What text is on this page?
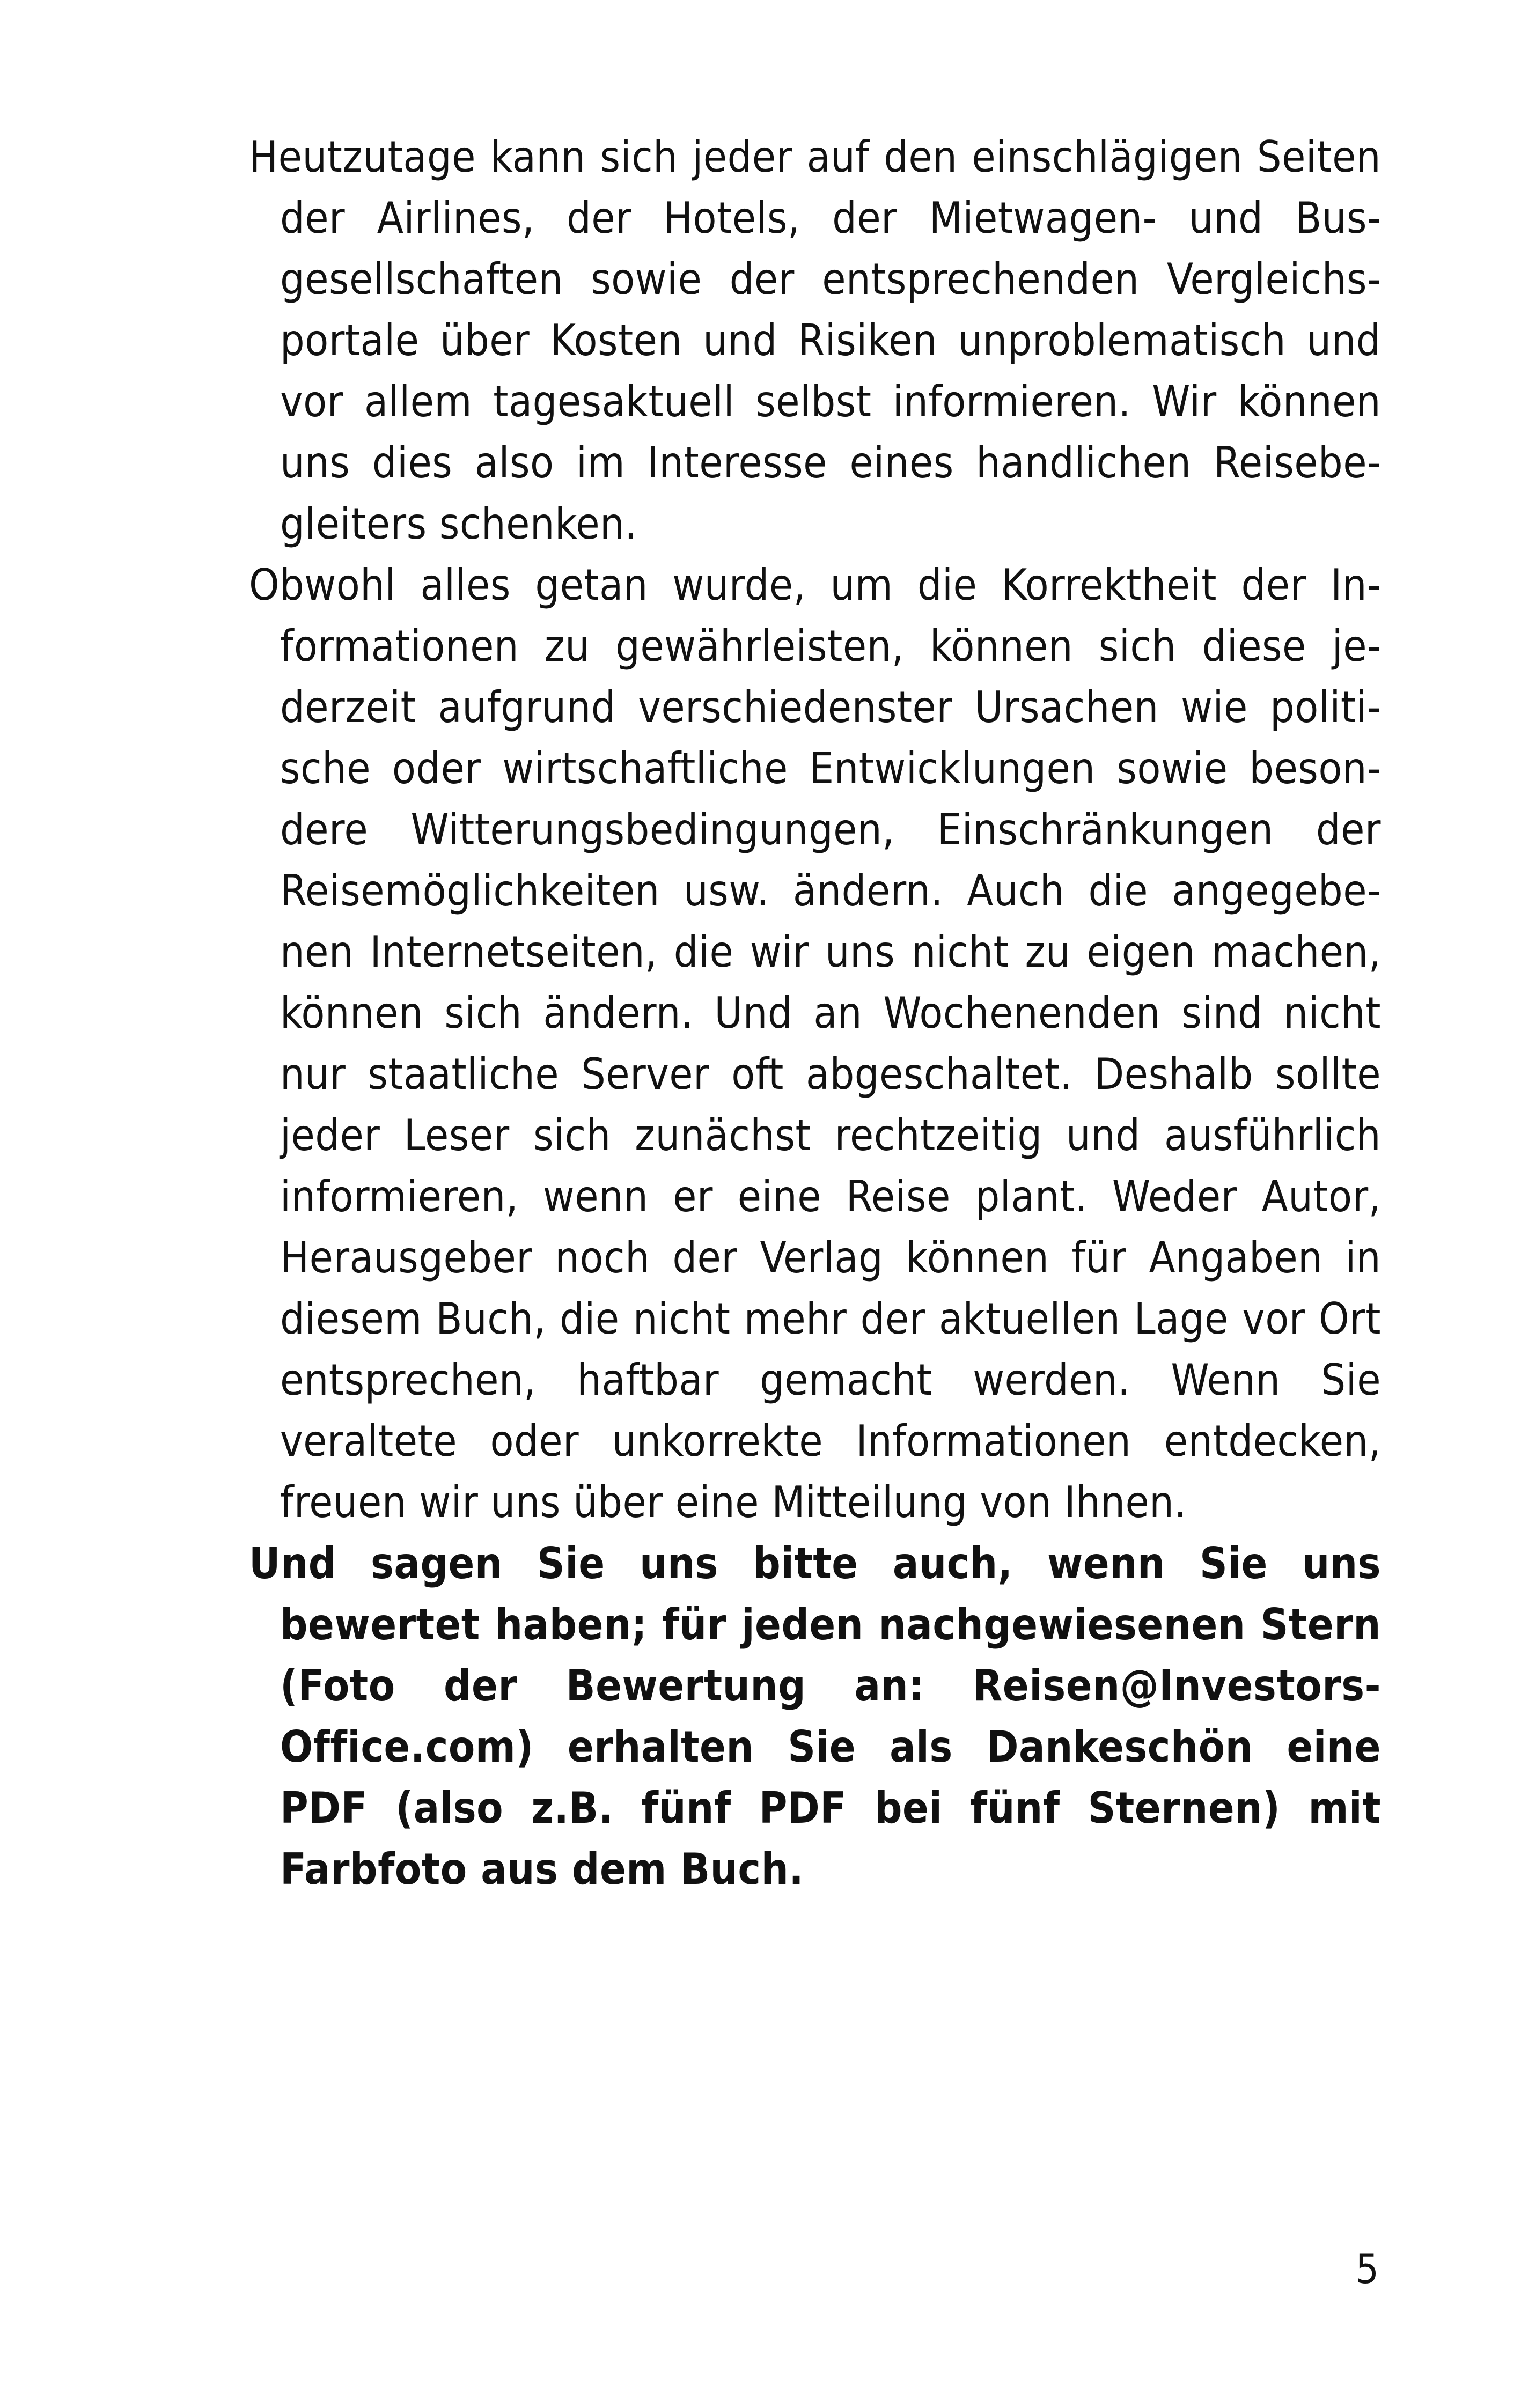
Heutzutage kann sich jeder auf den einschlägigen Seiten der Airlines, der Hotels, der Mietwagen- und Busgesellschaften sowie der entsprechenden Vergleichsportale über Kosten und Risiken unproblematisch und vor allem tagesaktuell selbst informieren. Wir können uns dies also im Interesse eines handlichen Reisebegleiters schenken.

Obwohl alles getan wurde, um die Korrektheit der Informationen zu gewährleisten, können sich diese jederzeit aufgrund verschiedenster Ursachen wie politische oder wirtschaftliche Entwicklungen sowie besondere Witterungsbedingungen, Einschränkungen der Reisemöglichkeiten usw. ändern. Auch die angegebenen Internetseiten, die wir uns nicht zu eigen machen, können sich ändern. Und an Wochenenden sind nicht nur staatliche Server oft abgeschaltet. Deshalb sollte jeder Leser sich zunächst rechtzeitig und ausführlich informieren, wenn er eine Reise plant. Weder Autor, Herausgeber noch der Verlag können für Angaben in diesem Buch, die nicht mehr der aktuellen Lage vor Ort entsprechen, haftbar gemacht werden. Wenn Sie veraltete oder unkorrekte Informationen entdecken, freuen wir uns über eine Mitteilung von Ihnen.

Und sagen Sie uns bitte auch, wenn Sie uns bewertet haben; für jeden nachgewiesenen Stern (Foto der Bewertung an: Reisen@Investors-Office.com) erhalten Sie als Dankeschön eine PDF (also z.B. fünf PDF bei fünf Sternen) mit Farbfoto aus dem Buch.

5
